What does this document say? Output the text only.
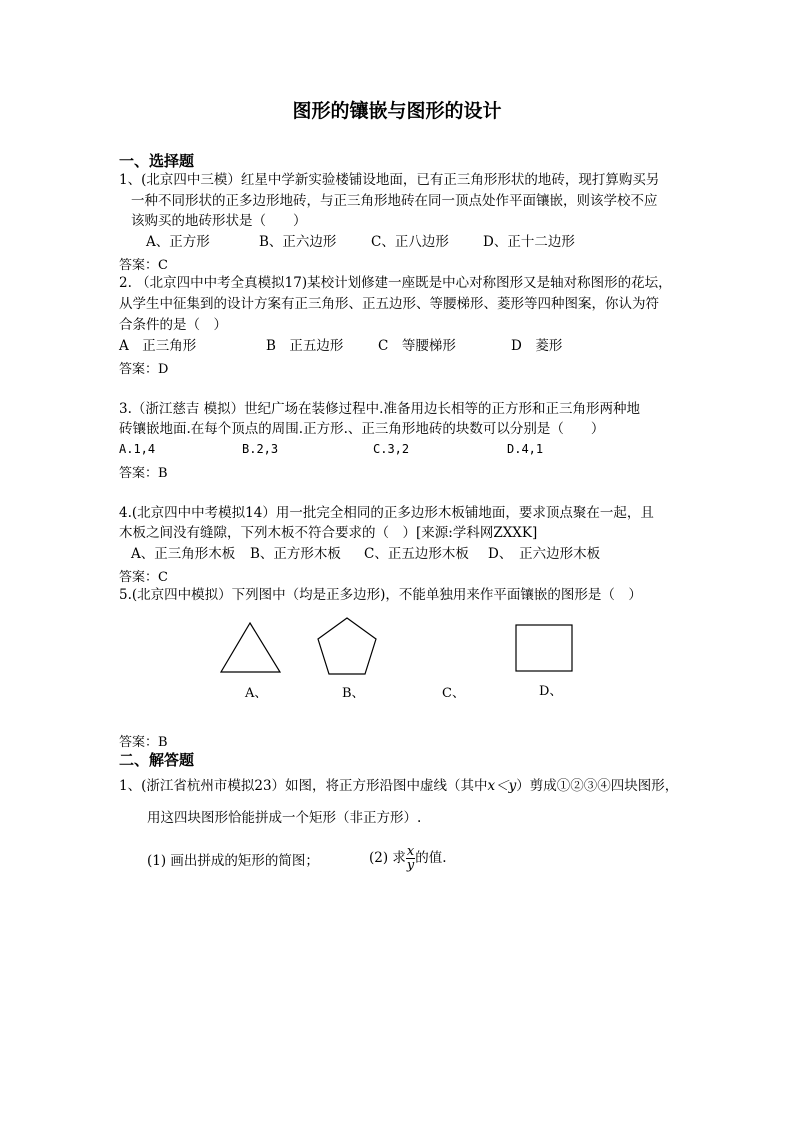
图形的镶嵌与图形的设计
一、选择题
1、(北京四中三模）红星中学新实验楼铺设地面，已有正三角形形状的地砖，现打算购买另
一种不同形状的正多边形地砖，与正三角形地砖在同一顶点处作平面镶嵌，则该学校不应
该购买的地砖形状是（　　）
A、正方形	B、正六边形	C、正八边形	D、正十二边形
答案：C
2. （北京四中中考全真模拟17)某校计划修建一座既是中心对称图形又是轴对称图形的花坛，
从学生中征集到的设计方案有正三角形、正五边形、等腰梯形、菱形等四种图案，你认为符
合条件的是（　）
A　正三角形	B　正五边形	C　等腰梯形	D　菱形
答案：D
3.（浙江慈吉 模拟）世纪广场在装修过程中.准备用边长相等的正方形和正三角形两种地
砖镶嵌地面.在每个顶点的周围.正方形.、正三角形地砖的块数可以分别是（　　）
A.1,4	B.2,3	C.3,2	D.4,1
答案：B
4.(北京四中中考模拟14）用一批完全相同的正多边形木板铺地面，要求顶点聚在一起，且
木板之间没有缝隙，下列木板不符合要求的（　）[来源:学科网ZXXK]
A、正三角形木板 B、正方形木板 C、正五边形木板 D、　正六边形木板
答案：C
5.(北京四中模拟）下列图中（均是正多边形)，不能单独用来作平面镶嵌的图形是（　）
A、	B、	C、	D、
答案：B
二、解答题
1、(浙江省杭州市模拟23）如图，将正方形沿图中虚线（其中x＜y）剪成①②③④四块图形，
用这四块图形恰能拼成一个矩形（非正方形）.
(1) 画出拼成的矩形的简图；	(2) 求 $\frac{x}{y}$ 的值.
